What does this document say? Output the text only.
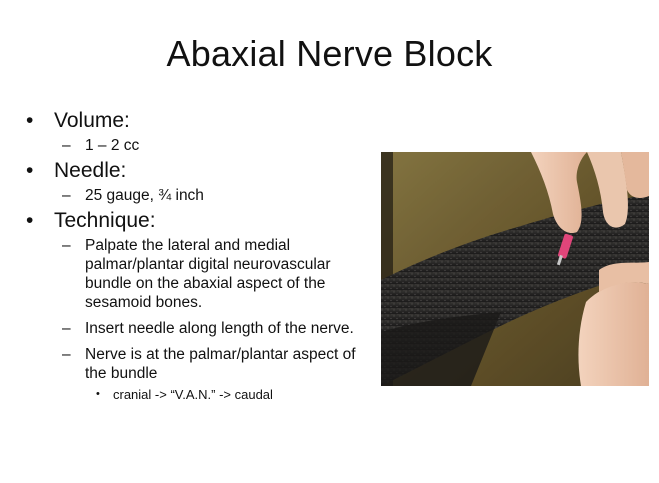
Abaxial Nerve Block
• Volume:
– 1 – 2 cc
• Needle:
– 25 gauge, ¾ inch
• Technique:
– Palpate the lateral and medial palmar/plantar digital neurovascular bundle on the abaxial aspect of the sesamoid bones.
– Insert needle along length of the nerve.
– Nerve is at the palmar/plantar aspect of the bundle
• cranial -> “V.A.N.” -> caudal
